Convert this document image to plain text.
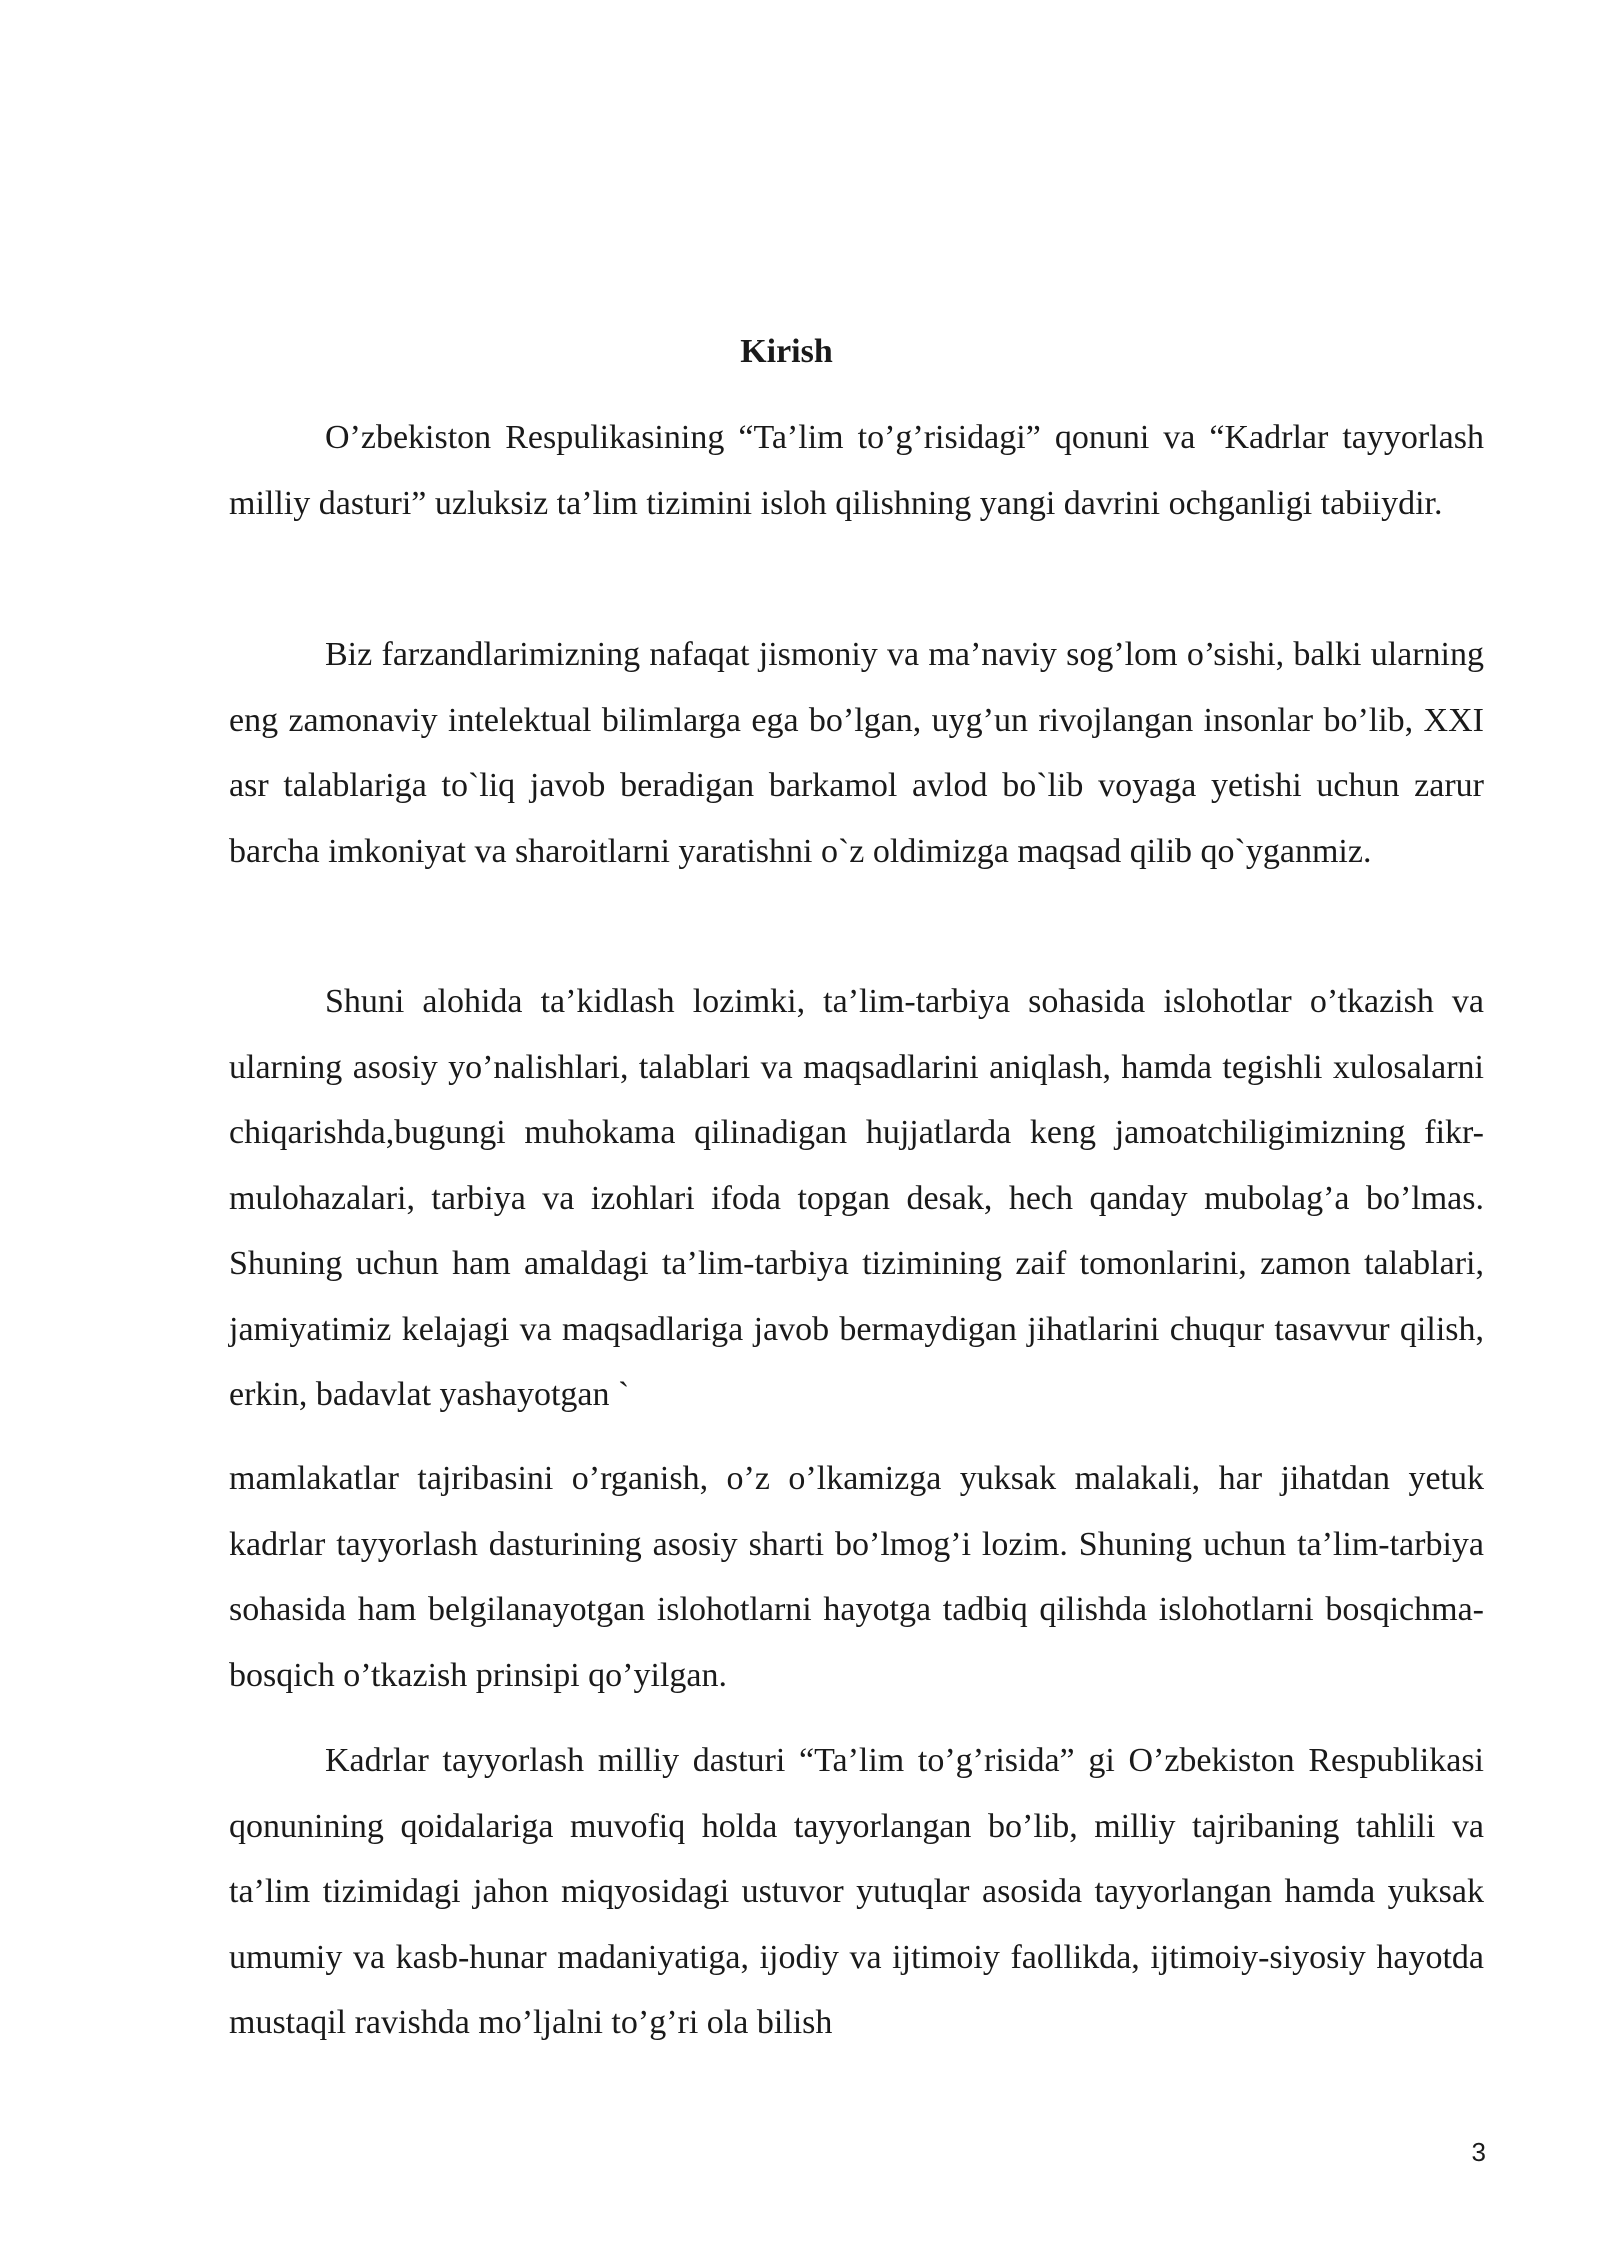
Kirish

O’zbekiston Respulikasining “Ta’lim to’g’risidagi” qonuni va “Kadrlar tayyorlash milliy dasturi” uzluksiz ta’lim tizimini isloh qilishning yangi davrini ochganligi tabiiydir.

Biz farzandlarimizning nafaqat jismoniy va ma’naviy sog’lom o’sishi, balki ularning eng zamonaviy intelektual bilimlarga ega bo’lgan, uyg’un rivojlangan insonlar bo’lib, XXI asr talablariga to`liq javob beradigan barkamol avlod bo`lib voyaga yetishi uchun zarur barcha imkoniyat va sharoitlarni yaratishni o`z oldimizga maqsad qilib qo`yganmiz.

Shuni alohida ta’kidlash lozimki, ta’lim-tarbiya sohasida islohotlar o’tkazish va ularning asosiy yo’nalishlari, talablari va maqsadlarini aniqlash, hamda tegishli xulosalarni chiqarishda,bugungi muhokama qilinadigan hujjatlarda keng jamoatchiligimizning fikr-mulohazalari, tarbiya va izohlari ifoda topgan desak, hech qanday mubolag’a bo’lmas. Shuning uchun ham amaldagi ta’lim-tarbiya tizimining zaif tomonlarini, zamon talablari, jamiyatimiz kelajagi va maqsadlariga javob bermaydigan jihatlarini chuqur tasavvur qilish, erkin, badavlat yashayotgan `

mamlakatlar tajribasini o’rganish, o’z o’lkamizga yuksak malakali, har jihatdan yetuk kadrlar tayyorlash dasturining asosiy sharti bo’lmog’i lozim. Shuning uchun ta’lim-tarbiya sohasida ham belgilanayotgan islohotlarni hayotga tadbiq qilishda islohotlarni bosqichma- bosqich o’tkazish prinsipi qo’yilgan.

Kadrlar tayyorlash milliy dasturi “Ta’lim to’g’risida” gi O’zbekiston Respublikasi qonunining qoidalariga muvofiq holda tayyorlangan bo’lib, milliy tajribaning tahlili va ta’lim tizimidagi jahon miqyosidagi ustuvor yutuqlar asosida tayyorlangan hamda yuksak umumiy va kasb-hunar madaniyatiga, ijodiy va ijtimoiy faollikda, ijtimoiy-siyosiy hayotda mustaqil ravishda mo’ljalni to’g’ri ola bilish

3
